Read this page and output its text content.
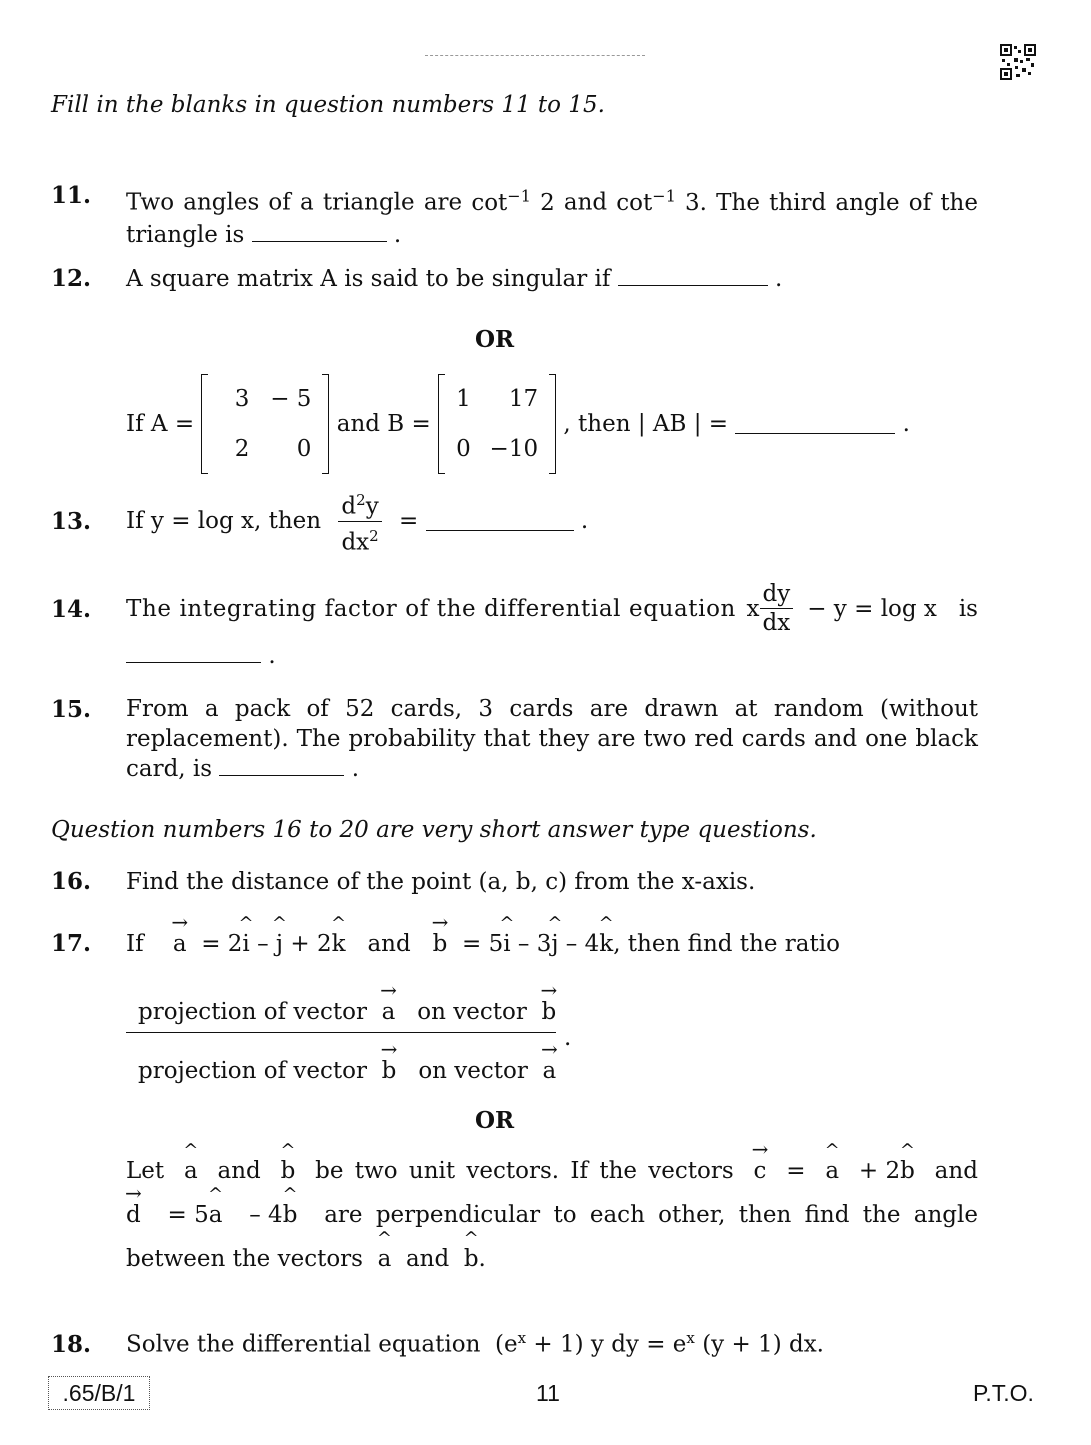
Fill in the blanks in question numbers 11 to 15.
11. Two angles of a triangle are $\cot^{-1} 2$ and $\cot^{-1} 3$. The third angle of the
triangle is	.
12. A square matrix A is said to be singular if	.
OR
If A =
3	− 5
2	0
and B =
1	17
0	−10
, then | AB | =	.
13. If y = log x, then $\frac{d^2y}{dx^2}$ =	.
14. The integrating factor of the differential equation x $\frac{dy}{dx} - y = \log x$   is
.
15. From a pack of 52 cards, 3 cards are drawn at random (without
replacement). The probability that they are two red cards and one black
card, is	.
Question numbers 16 to 20 are very short answer type questions.
16. Find the distance of the point (a, b, c) from the x-axis.
17. If
→
a = 2
^
i –
^
j + 2
^
k and
→
b = 5
^
i – 3
^
j – 4
^
k, then find the ratio
projection of vector
→
a on vector
→
b
projection of vector
→
b on vector
→
a
.
OR
Let
^
a and
^
b be two unit vectors. If the vectors
→
c =
^
a + 2
^
b and
→
d = 5
^
a – 4
^
b are perpendicular to each other, then find the angle
between the vectors
^
a and
^
b.
18. Solve the differential equation  $(e^x + 1)$ y dy = $e^x$ (y + 1) dx.
.65/B/1	11	P.T.O.
